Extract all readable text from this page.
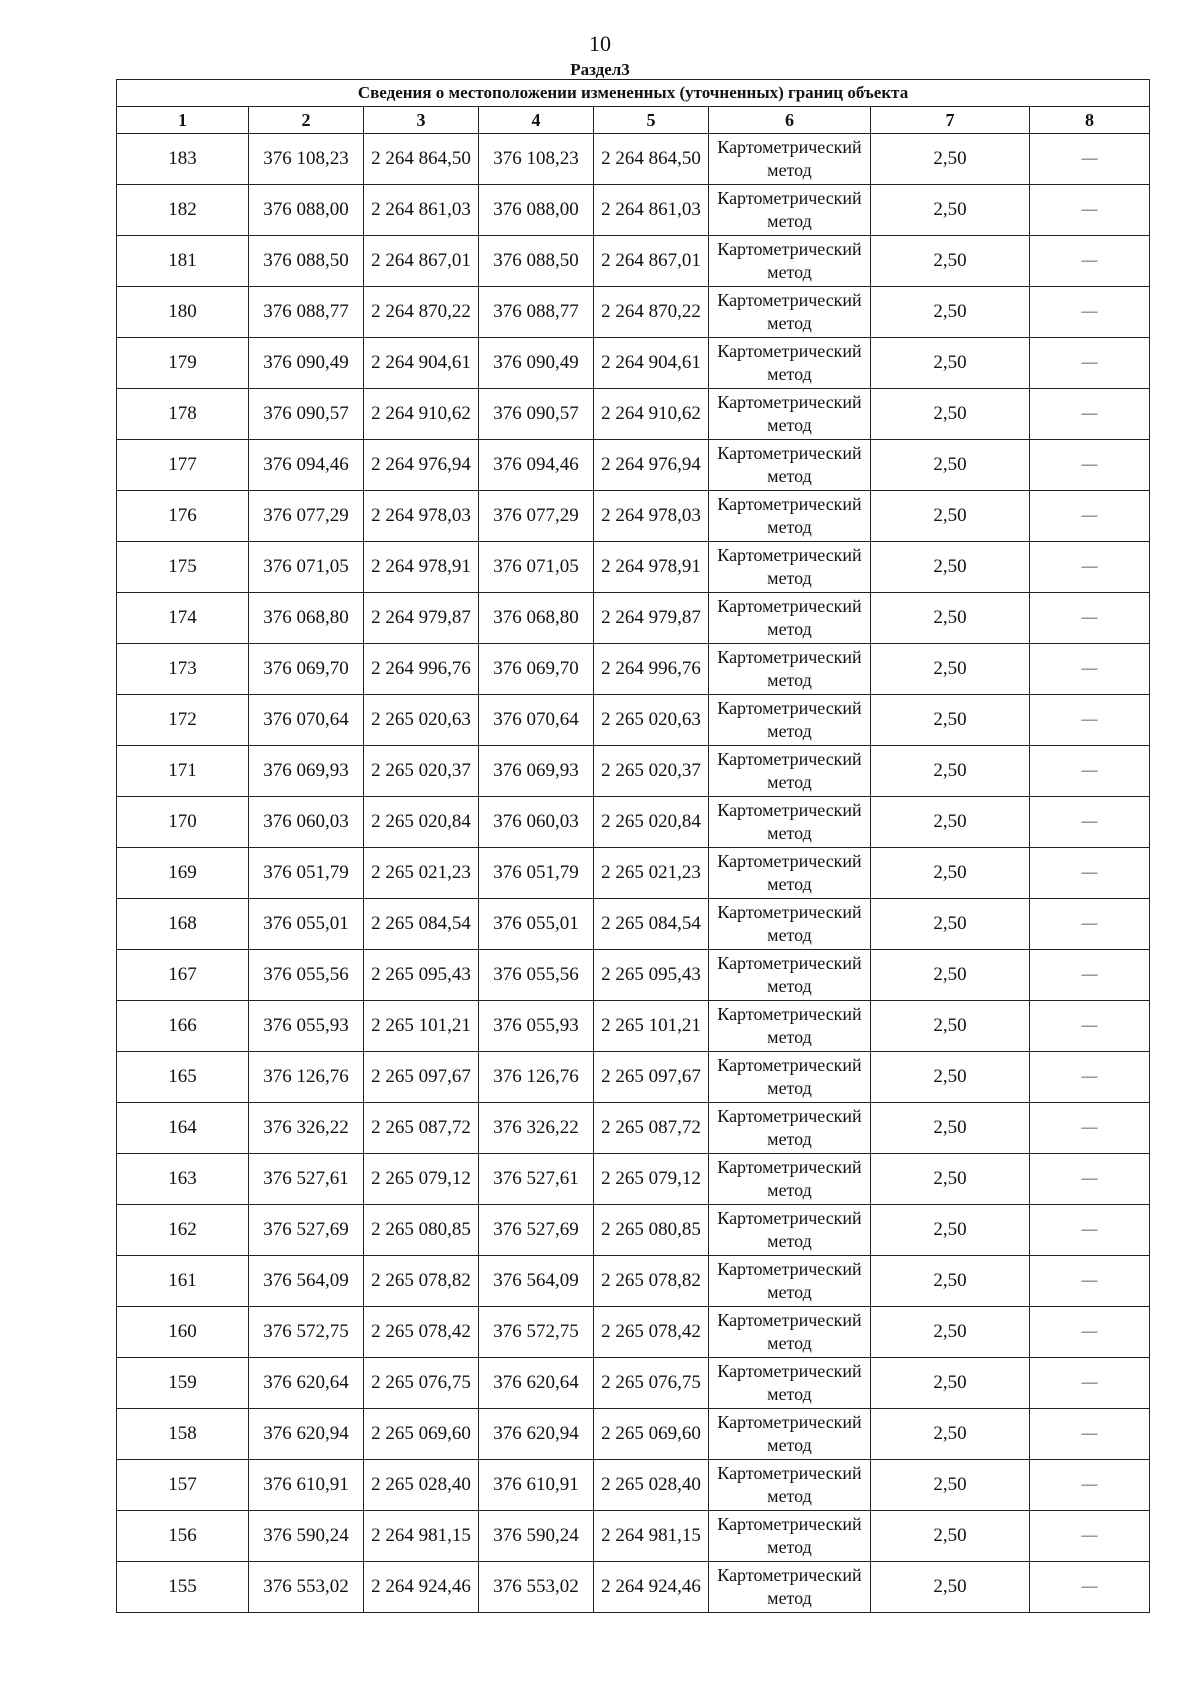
10
Раздел3
Сведения о местоположении измененных (уточненных) границ объекта							
1	2	3	4	5	6	7	8
183	376 108,23	2 264 864,50	376 108,23	2 264 864,50	Картометрический метод	2,50	—
182	376 088,00	2 264 861,03	376 088,00	2 264 861,03	Картометрический метод	2,50	—
181	376 088,50	2 264 867,01	376 088,50	2 264 867,01	Картометрический метод	2,50	—
180	376 088,77	2 264 870,22	376 088,77	2 264 870,22	Картометрический метод	2,50	—
179	376 090,49	2 264 904,61	376 090,49	2 264 904,61	Картометрический метод	2,50	—
178	376 090,57	2 264 910,62	376 090,57	2 264 910,62	Картометрический метод	2,50	—
177	376 094,46	2 264 976,94	376 094,46	2 264 976,94	Картометрический метод	2,50	—
176	376 077,29	2 264 978,03	376 077,29	2 264 978,03	Картометрический метод	2,50	—
175	376 071,05	2 264 978,91	376 071,05	2 264 978,91	Картометрический метод	2,50	—
174	376 068,80	2 264 979,87	376 068,80	2 264 979,87	Картометрический метод	2,50	—
173	376 069,70	2 264 996,76	376 069,70	2 264 996,76	Картометрический метод	2,50	—
172	376 070,64	2 265 020,63	376 070,64	2 265 020,63	Картометрический метод	2,50	—
171	376 069,93	2 265 020,37	376 069,93	2 265 020,37	Картометрический метод	2,50	—
170	376 060,03	2 265 020,84	376 060,03	2 265 020,84	Картометрический метод	2,50	—
169	376 051,79	2 265 021,23	376 051,79	2 265 021,23	Картометрический метод	2,50	—
168	376 055,01	2 265 084,54	376 055,01	2 265 084,54	Картометрический метод	2,50	—
167	376 055,56	2 265 095,43	376 055,56	2 265 095,43	Картометрический метод	2,50	—
166	376 055,93	2 265 101,21	376 055,93	2 265 101,21	Картометрический метод	2,50	—
165	376 126,76	2 265 097,67	376 126,76	2 265 097,67	Картометрический метод	2,50	—
164	376 326,22	2 265 087,72	376 326,22	2 265 087,72	Картометрический метод	2,50	—
163	376 527,61	2 265 079,12	376 527,61	2 265 079,12	Картометрический метод	2,50	—
162	376 527,69	2 265 080,85	376 527,69	2 265 080,85	Картометрический метод	2,50	—
161	376 564,09	2 265 078,82	376 564,09	2 265 078,82	Картометрический метод	2,50	—
160	376 572,75	2 265 078,42	376 572,75	2 265 078,42	Картометрический метод	2,50	—
159	376 620,64	2 265 076,75	376 620,64	2 265 076,75	Картометрический метод	2,50	—
158	376 620,94	2 265 069,60	376 620,94	2 265 069,60	Картометрический метод	2,50	—
157	376 610,91	2 265 028,40	376 610,91	2 265 028,40	Картометрический метод	2,50	—
156	376 590,24	2 264 981,15	376 590,24	2 264 981,15	Картометрический метод	2,50	—
155	376 553,02	2 264 924,46	376 553,02	2 264 924,46	Картометрический метод	2,50	—
